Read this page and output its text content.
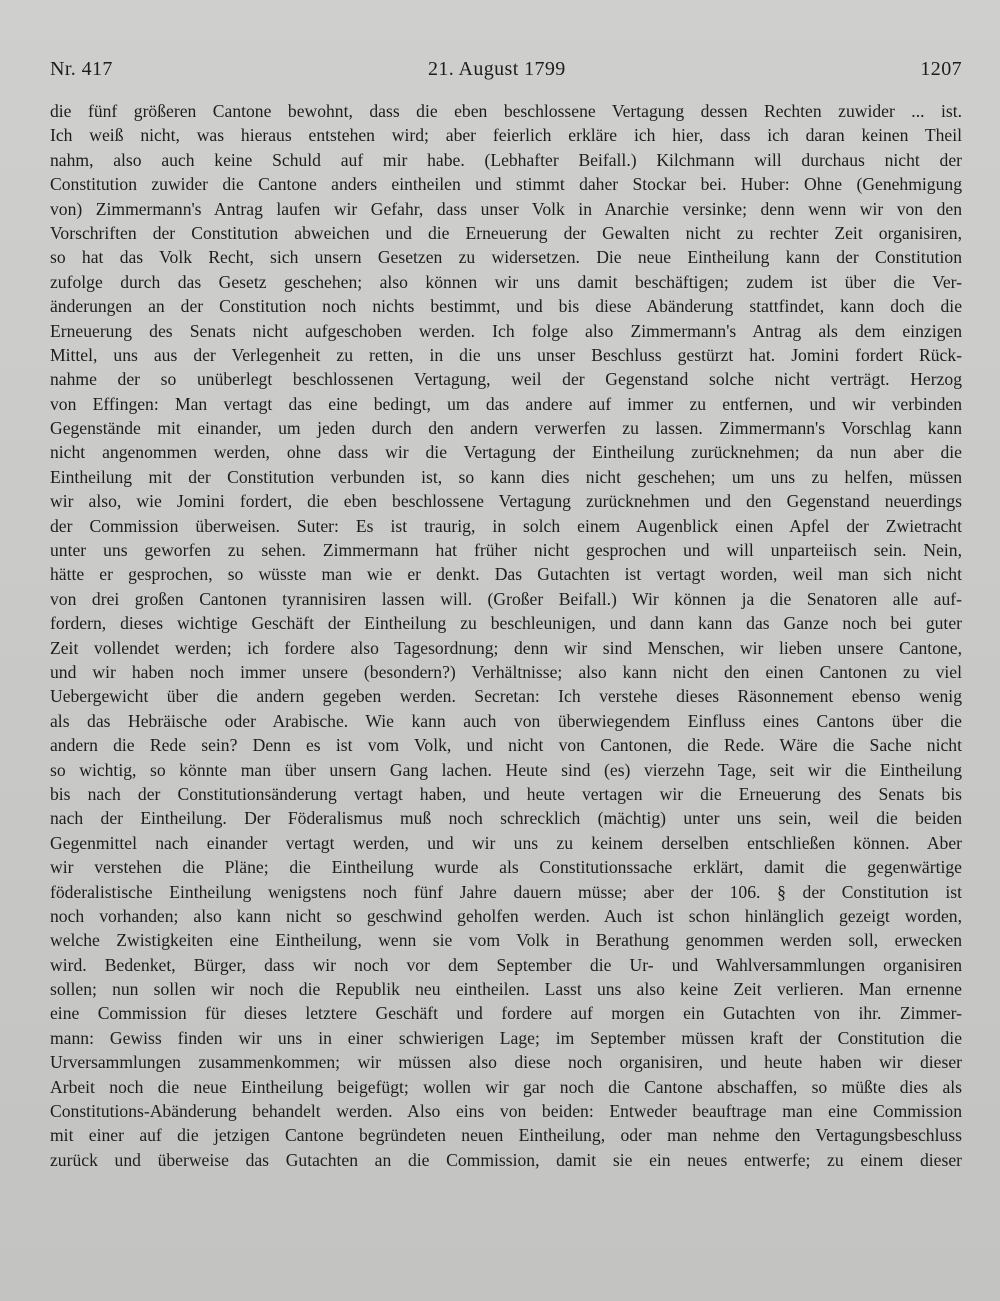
Nr. 417	21. August 1799	1207
die fünf größeren Cantone bewohnt, dass die eben beschlossene Vertagung dessen Rechten zuwider ... ist.
Ich weiß nicht, was hieraus entstehen wird; aber feierlich erkläre ich hier, dass ich daran keinen Theil
nahm, also auch keine Schuld auf mir habe. (Lebhafter Beifall.) Kilchmann will durchaus nicht der
Constitution zuwider die Cantone anders eintheilen und stimmt daher Stockar bei. Huber: Ohne (Genehmigung
von) Zimmermann's Antrag laufen wir Gefahr, dass unser Volk in Anarchie versinke; denn wenn wir von den
Vorschriften der Constitution abweichen und die Erneuerung der Gewalten nicht zu rechter Zeit organisiren,
so hat das Volk Recht, sich unsern Gesetzen zu widersetzen. Die neue Eintheilung kann der Constitution
zufolge durch das Gesetz geschehen; also können wir uns damit beschäftigen; zudem ist über die Ver-
änderungen an der Constitution noch nichts bestimmt, und bis diese Abänderung stattfindet, kann doch die
Erneuerung des Senats nicht aufgeschoben werden. Ich folge also Zimmermann's Antrag als dem einzigen
Mittel, uns aus der Verlegenheit zu retten, in die uns unser Beschluss gestürzt hat. Jomini fordert Rück-
nahme der so unüberlegt beschlossenen Vertagung, weil der Gegenstand solche nicht verträgt. Herzog
von Effingen: Man vertagt das eine bedingt, um das andere auf immer zu entfernen, und wir verbinden
Gegenstände mit einander, um jeden durch den andern verwerfen zu lassen. Zimmermann's Vorschlag kann
nicht angenommen werden, ohne dass wir die Vertagung der Eintheilung zurücknehmen; da nun aber die
Eintheilung mit der Constitution verbunden ist, so kann dies nicht geschehen; um uns zu helfen, müssen
wir also, wie Jomini fordert, die eben beschlossene Vertagung zurücknehmen und den Gegenstand neuerdings
der Commission überweisen. Suter: Es ist traurig, in solch einem Augenblick einen Apfel der Zwietracht
unter uns geworfen zu sehen. Zimmermann hat früher nicht gesprochen und will unparteiisch sein. Nein,
hätte er gesprochen, so wüsste man wie er denkt. Das Gutachten ist vertagt worden, weil man sich nicht
von drei großen Cantonen tyrannisiren lassen will. (Großer Beifall.) Wir können ja die Senatoren alle auf-
fordern, dieses wichtige Geschäft der Eintheilung zu beschleunigen, und dann kann das Ganze noch bei guter
Zeit vollendet werden; ich fordere also Tagesordnung; denn wir sind Menschen, wir lieben unsere Cantone,
und wir haben noch immer unsere (besondern?) Verhältnisse; also kann nicht den einen Cantonen zu viel
Uebergewicht über die andern gegeben werden. Secretan: Ich verstehe dieses Räsonnement ebenso wenig
als das Hebräische oder Arabische. Wie kann auch von überwiegendem Einfluss eines Cantons über die
andern die Rede sein? Denn es ist vom Volk, und nicht von Cantonen, die Rede. Wäre die Sache nicht
so wichtig, so könnte man über unsern Gang lachen. Heute sind (es) vierzehn Tage, seit wir die Eintheilung
bis nach der Constitutionsänderung vertagt haben, und heute vertagen wir die Erneuerung des Senats bis
nach der Eintheilung. Der Föderalismus muß noch schrecklich (mächtig) unter uns sein, weil die beiden
Gegenmittel nach einander vertagt werden, und wir uns zu keinem derselben entschließen können. Aber
wir verstehen die Pläne; die Eintheilung wurde als Constitutionssache erklärt, damit die gegenwärtige
föderalistische Eintheilung wenigstens noch fünf Jahre dauern müsse; aber der 106. § der Constitution ist
noch vorhanden; also kann nicht so geschwind geholfen werden. Auch ist schon hinlänglich gezeigt worden,
welche Zwistigkeiten eine Eintheilung, wenn sie vom Volk in Berathung genommen werden soll, erwecken
wird. Bedenket, Bürger, dass wir noch vor dem September die Ur- und Wahlversammlungen organisiren
sollen; nun sollen wir noch die Republik neu eintheilen. Lasst uns also keine Zeit verlieren. Man ernenne
eine Commission für dieses letztere Geschäft und fordere auf morgen ein Gutachten von ihr. Zimmer-
mann: Gewiss finden wir uns in einer schwierigen Lage; im September müssen kraft der Constitution die
Urversammlungen zusammenkommen; wir müssen also diese noch organisiren, und heute haben wir dieser
Arbeit noch die neue Eintheilung beigefügt; wollen wir gar noch die Cantone abschaffen, so müßte dies als
Constitutions-Abänderung behandelt werden. Also eins von beiden: Entweder beauftrage man eine Commission
mit einer auf die jetzigen Cantone begründeten neuen Eintheilung, oder man nehme den Vertagungsbeschluss
zurück und überweise das Gutachten an die Commission, damit sie ein neues entwerfe; zu einem dieser
